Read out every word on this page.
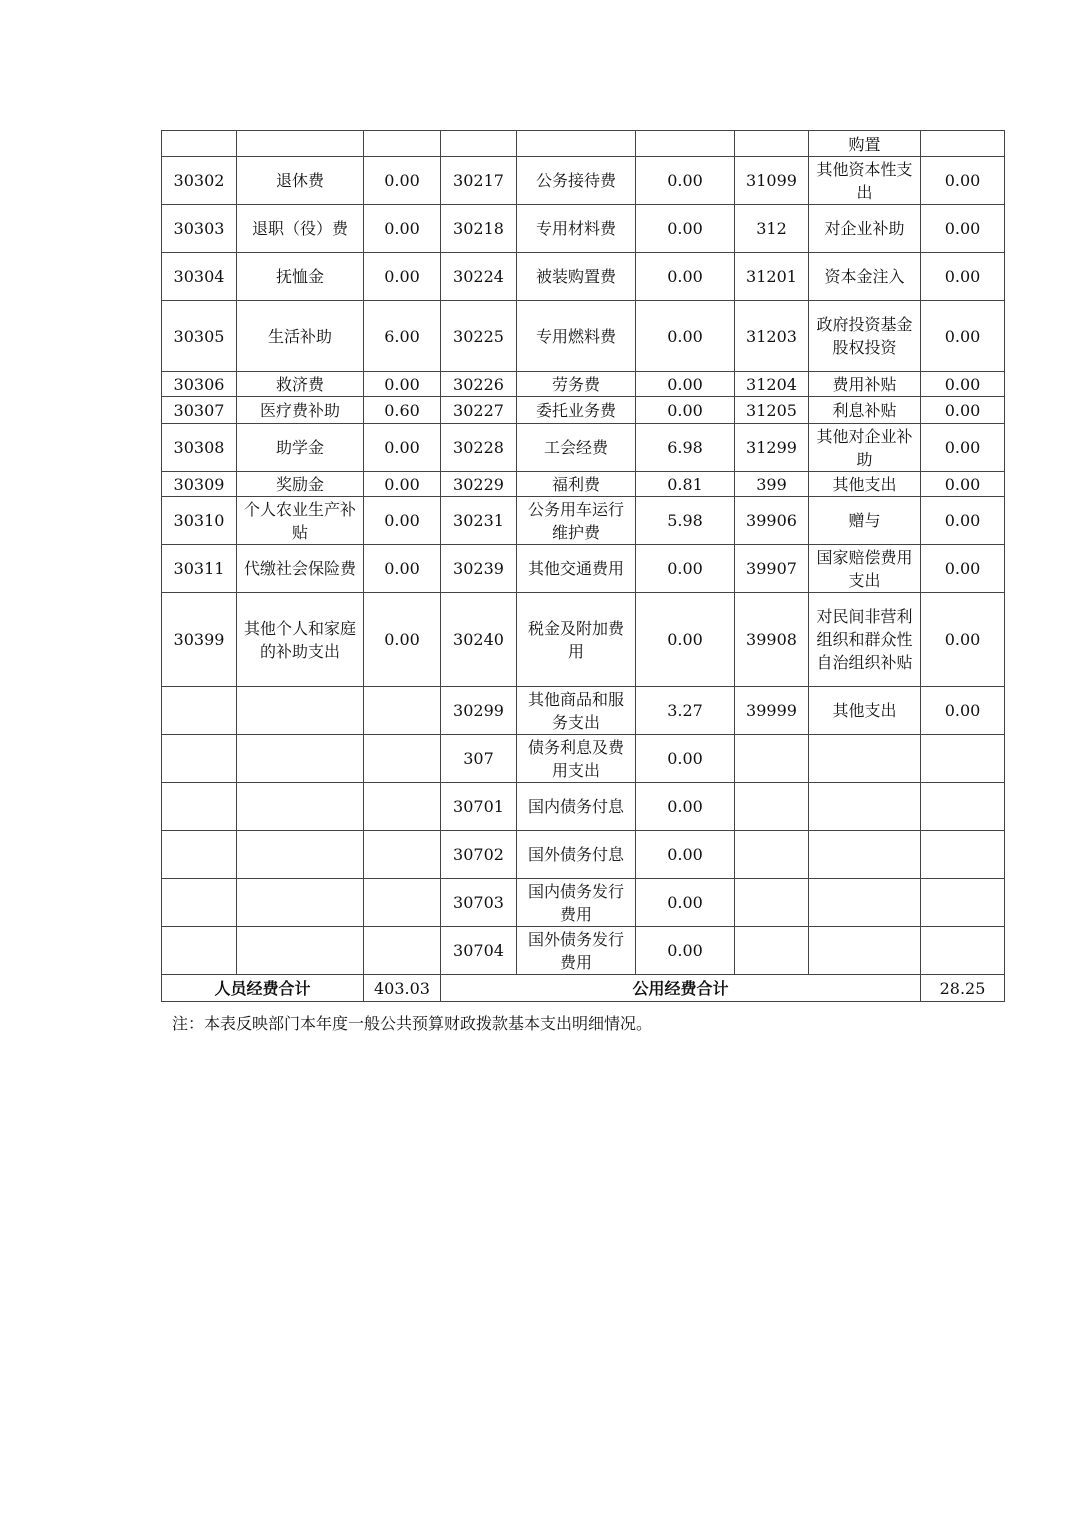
							购置	
30302	退休费	0.00	30217	公务接待费	0.00	31099	其他资本性支出	0.00
30303	退职（役）费	0.00	30218	专用材料费	0.00	312	对企业补助	0.00
30304	抚恤金	0.00	30224	被装购置费	0.00	31201	资本金注入	0.00
30305	生活补助	6.00	30225	专用燃料费	0.00	31203	政府投资基金股权投资	0.00
30306	救济费	0.00	30226	劳务费	0.00	31204	费用补贴	0.00
30307	医疗费补助	0.60	30227	委托业务费	0.00	31205	利息补贴	0.00
30308	助学金	0.00	30228	工会经费	6.98	31299	其他对企业补助	0.00
30309	奖励金	0.00	30229	福利费	0.81	399	其他支出	0.00
30310	个人农业生产补贴	0.00	30231	公务用车运行维护费	5.98	39906	赠与	0.00
30311	代缴社会保险费	0.00	30239	其他交通费用	0.00	39907	国家赔偿费用支出	0.00
30399	其他个人和家庭的补助支出	0.00	30240	税金及附加费用	0.00	39908	对民间非营利组织和群众性自治组织补贴	0.00
			30299	其他商品和服务支出	3.27	39999	其他支出	0.00
			307	债务利息及费用支出	0.00			
			30701	国内债务付息	0.00			
			30702	国外债务付息	0.00			
			30703	国内债务发行费用	0.00			
			30704	国外债务发行费用	0.00			
人员经费合计		403.03	公用经费合计					28.25
注：本表反映部门本年度一般公共预算财政拨款基本支出明细情况。
